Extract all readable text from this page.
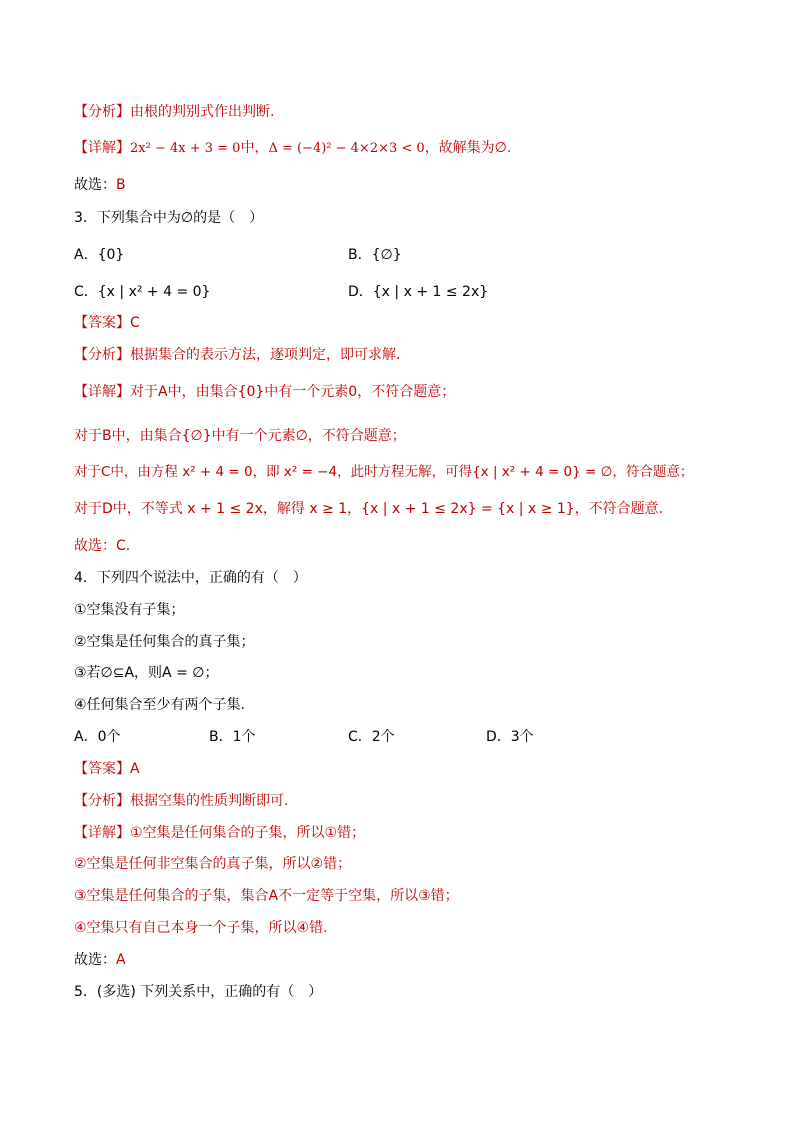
【分析】由根的判别式作出判断.
【详解】2x² − 4x + 3 = 0中，Δ = (−4)² − 4×2×3 < 0，故解集为∅.
故选：B
3．下列集合中为∅的是（　）
A．{0}	B．{∅}
C．{x | x² + 4 = 0}	D．{x | x + 1 ≤ 2x}
【答案】C
【分析】根据集合的表示方法，逐项判定，即可求解.
【详解】对于A中，由集合{0}中有一个元素0，不符合题意；
对于B中，由集合{∅}中有一个元素∅，不符合题意；
对于C中，由方程 x² + 4 = 0，即 x² = −4，此时方程无解，可得{x | x² + 4 = 0} = ∅，符合题意；
对于D中，不等式 x + 1 ≤ 2x，解得 x ≥ 1，{x | x + 1 ≤ 2x} = {x | x ≥ 1}，不符合题意.
故选：C.
4．下列四个说法中，正确的有（　）
①空集没有子集；
②空集是任何集合的真子集；
③若∅⊆A，则A = ∅；
④任何集合至少有两个子集.
A．0个	B．1个	C．2个	D．3个
【答案】A
【分析】根据空集的性质判断即可.
【详解】①空集是任何集合的子集，所以①错；
②空集是任何非空集合的真子集，所以②错；
③空集是任何集合的子集，集合A不一定等于空集，所以③错；
④空集只有自己本身一个子集，所以④错.
故选：A
5．(多选) 下列关系中，正确的有（　）
